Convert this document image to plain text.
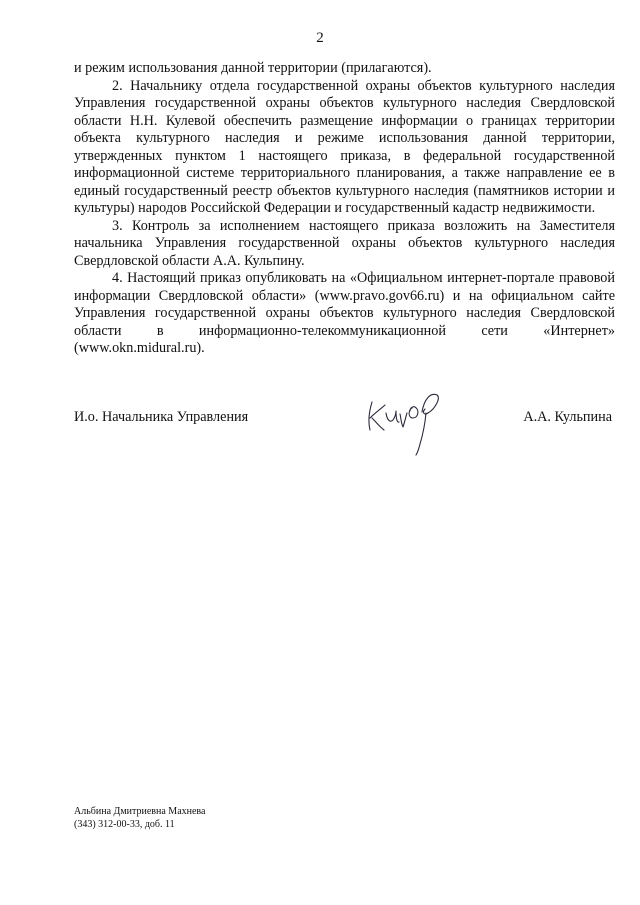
2

и режим использования данной территории (прилагаются).

2. Начальнику отдела государственной охраны объектов культурного наследия Управления государственной охраны объектов культурного наследия Свердловской области Н.Н. Кулевой обеспечить размещение информации о границах территории объекта культурного наследия и режиме использования данной территории, утвержденных пунктом 1 настоящего приказа, в федеральной государственной информационной системе территориального планирования, а также направление ее в единый государственный реестр объектов культурного наследия (памятников истории и культуры) народов Российской Федерации и государственный кадастр недвижимости.

3. Контроль за исполнением настоящего приказа возложить на Заместителя начальника Управления государственной охраны объектов культурного наследия Свердловской области А.А. Кульпину.

4. Настоящий приказ опубликовать на «Официальном интернет-портале правовой информации Свердловской области» (www.pravo.gov66.ru) и на официальном сайте Управления государственной охраны объектов культурного наследия Свердловской области в информационно-телекоммуникационной сети «Интернет» (www.okn.midural.ru).

И.о. Начальника Управления	А.А. Кульпина
Альбина Дмитриевна Махнева
(343) 312-00-33, доб. 11
